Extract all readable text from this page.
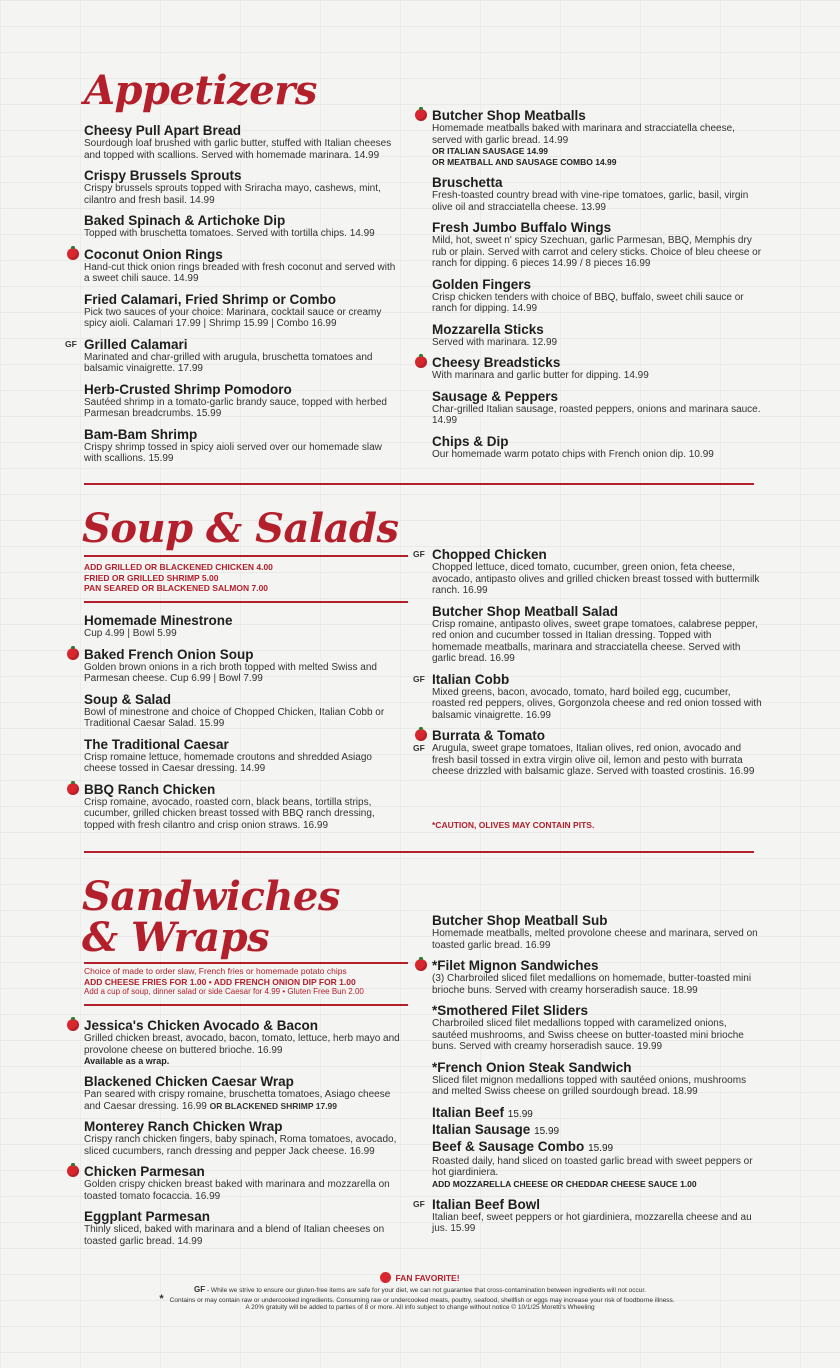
Appetizers
Cheesy Pull Apart Bread
Sourdough loaf brushed with garlic butter, stuffed with Italian cheeses and topped with scallions. Served with homemade marinara. 14.99
Crispy Brussels Sprouts
Crispy brussels sprouts topped with Sriracha mayo, cashews, mint, cilantro and fresh basil. 14.99
Baked Spinach & Artichoke Dip
Topped with bruschetta tomatoes. Served with tortilla chips. 14.99
Coconut Onion Rings
Hand-cut thick onion rings breaded with fresh coconut and served with a sweet chili sauce. 14.99
Fried Calamari, Fried Shrimp or Combo
Pick two sauces of your choice: Marinara, cocktail sauce or creamy spicy aioli. Calamari 17.99 | Shrimp 15.99 | Combo 16.99
GF Grilled Calamari
Marinated and char-grilled with arugula, bruschetta tomatoes and balsamic vinaigrette. 17.99
Herb-Crusted Shrimp Pomodoro
Sautéed shrimp in a tomato-garlic brandy sauce, topped with herbed Parmesan breadcrumbs. 15.99
Bam-Bam Shrimp
Crispy shrimp tossed in spicy aioli served over our homemade slaw with scallions. 15.99
Butcher Shop Meatballs
Homemade meatballs baked with marinara and stracciatella cheese, served with garlic bread. 14.99
OR ITALIAN SAUSAGE 14.99
OR MEATBALL AND SAUSAGE COMBO 14.99
Bruschetta
Fresh-toasted country bread with vine-ripe tomatoes, garlic, basil, virgin olive oil and stracciatella cheese. 13.99
Fresh Jumbo Buffalo Wings
Mild, hot, sweet n' spicy Szechuan, garlic Parmesan, BBQ, Memphis dry rub or plain. Served with carrot and celery sticks. Choice of bleu cheese or ranch for dipping. 6 pieces 14.99 / 8 pieces 16.99
Golden Fingers
Crisp chicken tenders with choice of BBQ, buffalo, sweet chili sauce or ranch for dipping. 14.99
Mozzarella Sticks
Served with marinara. 12.99
Cheesy Breadsticks
With marinara and garlic butter for dipping. 14.99
Sausage & Peppers
Char-grilled Italian sausage, roasted peppers, onions and marinara sauce. 14.99
Chips & Dip
Our homemade warm potato chips with French onion dip. 10.99
Soup & Salads
ADD GRILLED OR BLACKENED CHICKEN 4.00
FRIED OR GRILLED SHRIMP 5.00
PAN SEARED OR BLACKENED SALMON 7.00
Homemade Minestrone
Cup 4.99 | Bowl 5.99
Baked French Onion Soup
Golden brown onions in a rich broth topped with melted Swiss and Parmesan cheese. Cup 6.99 | Bowl 7.99
Soup & Salad
Bowl of minestrone and choice of Chopped Chicken, Italian Cobb or Traditional Caesar Salad. 15.99
The Traditional Caesar
Crisp romaine lettuce, homemade croutons and shredded Asiago cheese tossed in Caesar dressing. 14.99
BBQ Ranch Chicken
Crisp romaine, avocado, roasted corn, black beans, tortilla strips, cucumber, grilled chicken breast tossed with BBQ ranch dressing, topped with fresh cilantro and crisp onion straws. 16.99
GF Chopped Chicken
Chopped lettuce, diced tomato, cucumber, green onion, feta cheese, avocado, antipasto olives and grilled chicken breast tossed with buttermilk ranch. 16.99
Butcher Shop Meatball Salad
Crisp romaine, antipasto olives, sweet grape tomatoes, calabrese pepper, red onion and cucumber tossed in Italian dressing. Topped with homemade meatballs, marinara and stracciatella cheese. Served with garlic bread. 16.99
GF Italian Cobb
Mixed greens, bacon, avocado, tomato, hard boiled egg, cucumber, roasted red peppers, olives, Gorgonzola cheese and red onion tossed with balsamic vinaigrette. 16.99
GF
Burrata & Tomato
Arugula, sweet grape tomatoes, Italian olives, red onion, avocado and fresh basil tossed in extra virgin olive oil, lemon and pesto with burrata cheese drizzled with balsamic glaze. Served with toasted crostinis. 16.99
*CAUTION, OLIVES MAY CONTAIN PITS.
Sandwiches
& Wraps
Choice of made to order slaw, French fries or homemade potato chips
ADD CHEESE FRIES FOR 1.00 • ADD FRENCH ONION DIP FOR 1.00
Add a cup of soup, dinner salad or side Caesar for 4.99 • Gluten Free Bun 2.00
Jessica's Chicken Avocado & Bacon
Grilled chicken breast, avocado, bacon, tomato, lettuce, herb mayo and provolone cheese on buttered brioche. 16.99
Available as a wrap.
Blackened Chicken Caesar Wrap
Pan seared with crispy romaine, bruschetta tomatoes, Asiago cheese and Caesar dressing. 16.99 OR BLACKENED SHRIMP 17.99
Monterey Ranch Chicken Wrap
Crispy ranch chicken fingers, baby spinach, Roma tomatoes, avocado, sliced cucumbers, ranch dressing and pepper Jack cheese. 16.99
Chicken Parmesan
Golden crispy chicken breast baked with marinara and mozzarella on toasted tomato focaccia. 16.99
Eggplant Parmesan
Thinly sliced, baked with marinara and a blend of Italian cheeses on toasted garlic bread. 14.99
Butcher Shop Meatball Sub
Homemade meatballs, melted provolone cheese and marinara, served on toasted garlic bread. 16.99
*Filet Mignon Sandwiches
(3) Charbroiled sliced filet medallions on homemade, butter-toasted mini brioche buns. Served with creamy horseradish sauce. 18.99
*Smothered Filet Sliders
Charbroiled sliced filet medallions topped with caramelized onions, sautéed mushrooms, and Swiss cheese on butter-toasted mini brioche buns. Served with creamy horseradish sauce. 19.99
*French Onion Steak Sandwich
Sliced filet mignon medallions topped with sautéed onions, mushrooms and melted Swiss cheese on grilled sourdough bread. 18.99
Italian Beef 15.99
Italian Sausage 15.99
Beef & Sausage Combo 15.99
Roasted daily, hand sliced on toasted garlic bread with sweet peppers or hot giardiniera.
ADD MOZZARELLA CHEESE OR CHEDDAR CHEESE SAUCE 1.00
GF Italian Beef Bowl
Italian beef, sweet peppers or hot giardiniera, mozzarella cheese and au jus. 15.99
FAN FAVORITE!
GF - While we strive to ensure our gluten-free items are safe for your diet, we can not guarantee that cross-contamination between ingredients will not occur.
* Contains or may contain raw or undercooked ingredients. Consuming raw or undercooked meats, poultry, seafood, shellfish or eggs may increase your risk of foodborne illness.
A 20% gratuity will be added to parties of 8 or more. All info subject to change without notice © 10/1/25 Moretti's Wheeling
